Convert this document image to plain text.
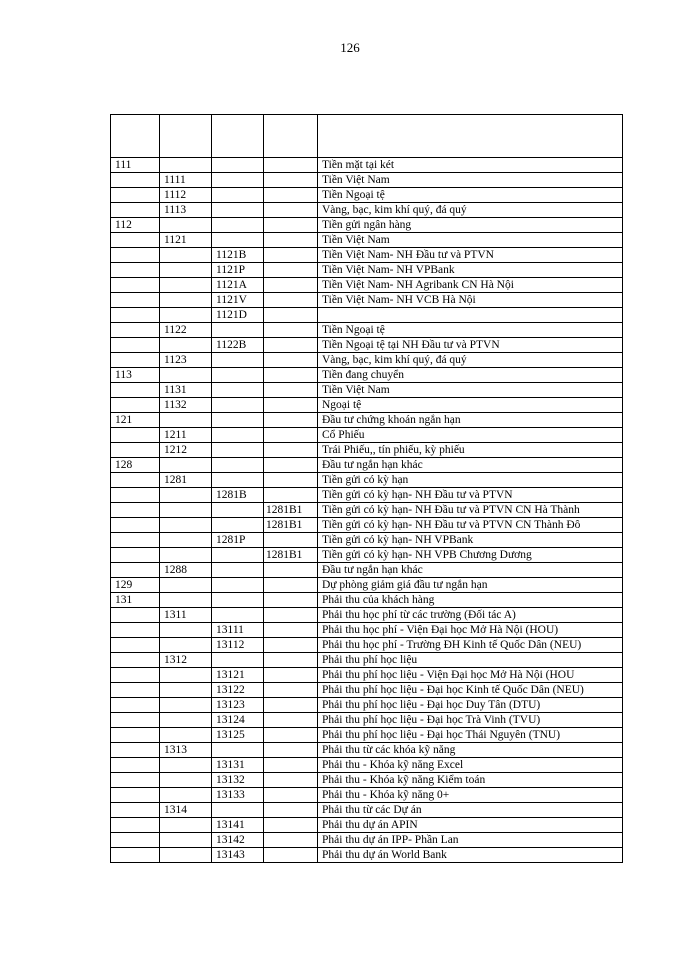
126

111				Tiền mặt tại két
	1111			Tiền Việt Nam
	1112			Tiền Ngoại tệ
	1113			Vàng, bạc, kim khí quý, đá quý
112				Tiền gửi ngân hàng
	1121			Tiền Việt Nam
		1121B		Tiền Việt Nam- NH Đầu tư và PTVN
		1121P		Tiền Việt Nam- NH VPBank
		1121A		Tiền Việt Nam- NH Agribank CN Hà Nội
		1121V		Tiền Việt Nam- NH VCB Hà Nội
		1121D		
	1122			Tiền Ngoại tệ
		1122B		Tiền Ngoại tệ tại NH Đầu tư và PTVN
	1123			Vàng, bạc, kim khí quý, đá quý
113				Tiền đang chuyển
	1131			Tiền Việt Nam
	1132			Ngoại tệ
121				Đầu tư chứng khoán ngắn hạn
	1211			Cổ Phiếu
	1212			Trái Phiếu,, tín phiếu, kỳ phiếu
128				Đầu tư ngắn hạn khác
	1281			Tiền gửi có kỳ hạn
		1281B		Tiền gửi có kỳ hạn- NH Đầu tư và PTVN
			1281B1	Tiền gửi có kỳ hạn- NH Đầu tư và PTVN CN Hà Thành
			1281B1	Tiền gửi có kỳ hạn- NH Đầu tư và PTVN CN Thành Đô
		1281P		Tiền gửi có kỳ hạn- NH VPBank
			1281B1	Tiền gửi có kỳ hạn- NH VPB Chương Dương
	1288			Đầu tư ngắn hạn khác
129				Dự phòng giảm giá đầu tư ngắn hạn
131				Phải thu của khách hàng
	1311			Phải thu học phí từ các trường (Đối tác A)
		13111		Phải thu học phí - Viện Đại học Mở Hà Nội (HOU)
		13112		Phải thu học phí - Trường ĐH Kinh tế Quốc Dân (NEU)
	1312			Phải thu phí học liệu
		13121		Phải thu phí học liệu - Viện Đại học Mở Hà Nội (HOU
		13122		Phải thu phí học liệu - Đại học Kinh tế Quốc Dân (NEU)
		13123		Phải thu phí học liệu - Đại học Duy Tân (DTU)
		13124		Phải thu phí học liệu - Đại học Trà Vinh (TVU)
		13125		Phải thu phí học liệu - Đại học Thái Nguyên (TNU)
	1313			Phải thu từ các khóa kỹ năng
		13131		Phải thu - Khóa kỹ năng Excel
		13132		Phải thu - Khóa kỹ năng Kiểm toán
		13133		Phải thu - Khóa kỹ năng 0+
	1314			Phải thu từ các Dự án
		13141		Phải thu dự án APIN
		13142		Phải thu dự án IPP- Phần Lan
		13143		Phải thu dự án World Bank
